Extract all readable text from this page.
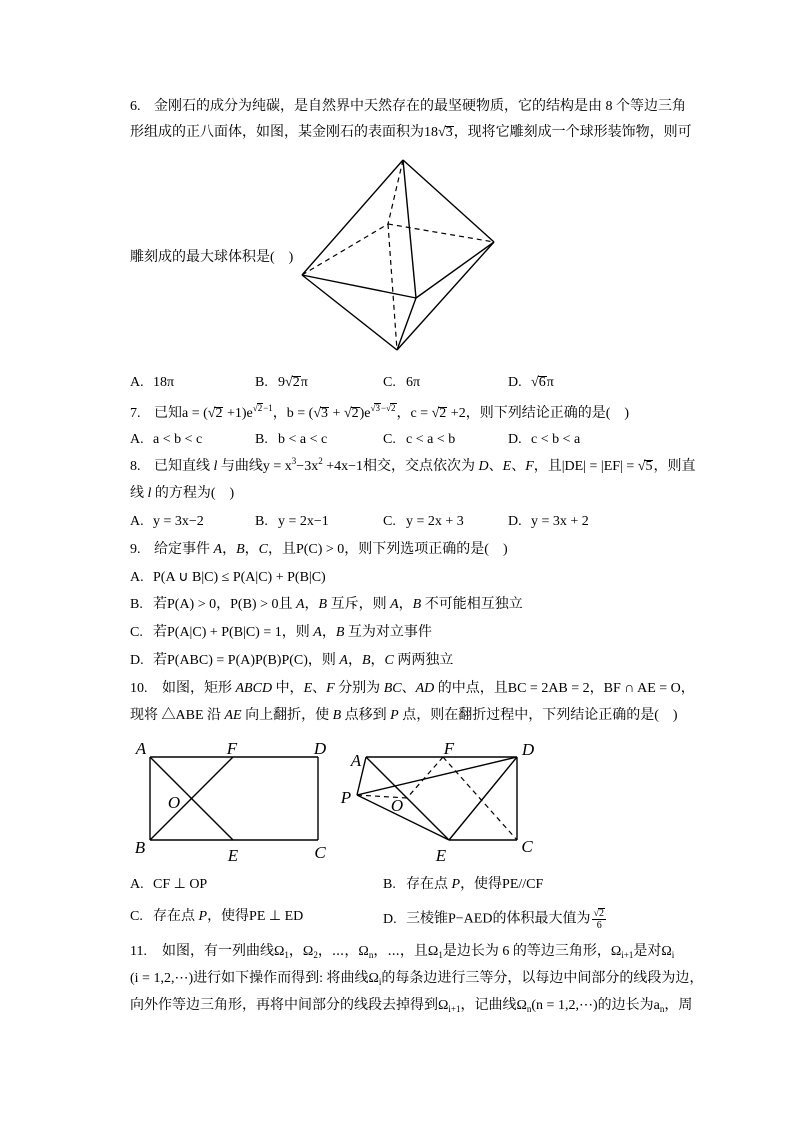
6. 金刚石的成分为纯碳，是自然界中天然存在的最坚硬物质，它的结构是由 8 个等边三角
形组成的正八面体，如图，某金刚石的表面积为18 √ 3，现将它雕刻成一个球形装饰物，则可
雕刻成的最大球体积是(    )
A. 18π	B. 9 √ 2π	C. 6π	D. √ 6π
7. 已知a = ( √ 2 +1)e √ $^{2-1}$，b = ( √ 3 + √ 2)e √ $^{3- √ 2}$，c = √ 2 +2，则下列结论正确的是(    )
A. a < b < c	B. b < a < c	C. c < a < b	D. c < b < a
8. 已知直线 l 与曲线$y = x^3-3x^2 +4x-1$相交，交点依次为 D、E、F，且|DE| = |EF| = √ 5，则直
线 l 的方程为(    )
A. y = 3x−2	B. y = 2x−1	C. y = 2x + 3	D. y = 3x + 2
9. 给定事件 A，B，C，且P(C) > 0，则下列选项正确的是(    )
A. P(A ∪ B|C) ≤ P(A|C) + P(B|C)
B. 若P(A) > 0，P(B) > 0且 A，B 互斥，则 A，B 不可能相互独立
C. 若P(A|C) + P(B|C) = 1，则 A，B 互为对立事件
D. 若P(ABC) = P(A)P(B)P(C)，则 A，B，C 两两独立
10. 如图，矩形 ABCD 中，E、F 分别为 BC、AD 的中点，且BC = 2AB = 2，BF ∩ AE = O，
现将 △ABE 沿 AE 向上翻折，使 B 点移到 P 点，则在翻折过程中，下列结论正确的是(    )
A	F	D
O
B	E	C
A
F	D
P O
E	C
A. CF ⊥ OP	B. 存在点 P，使得PE//CF
C. 存在点 P，使得PE ⊥ ED	D. 三棱锥P−AED的体积最大值为 √ $\frac{2}{6}$
11. 如图，有一列曲线$\Omega_1$，$\Omega_2$，⋯，$\Omega_n$，⋯，且$\Omega_1$是边长为 6 的等边三角形，$\Omega_{i+1}$是对$\Omega_i$
(i = 1,2,⋯)进行如下操作而得到: 将曲线$\Omega_i$的每条边进行三等分，以每边中间部分的线段为边，
向外作等边三角形，再将中间部分的线段去掉得到$\Omega_{i+1}$，记曲线$\Omega_n(n$ = 1,2,⋯)的边长为$a_n$，周
